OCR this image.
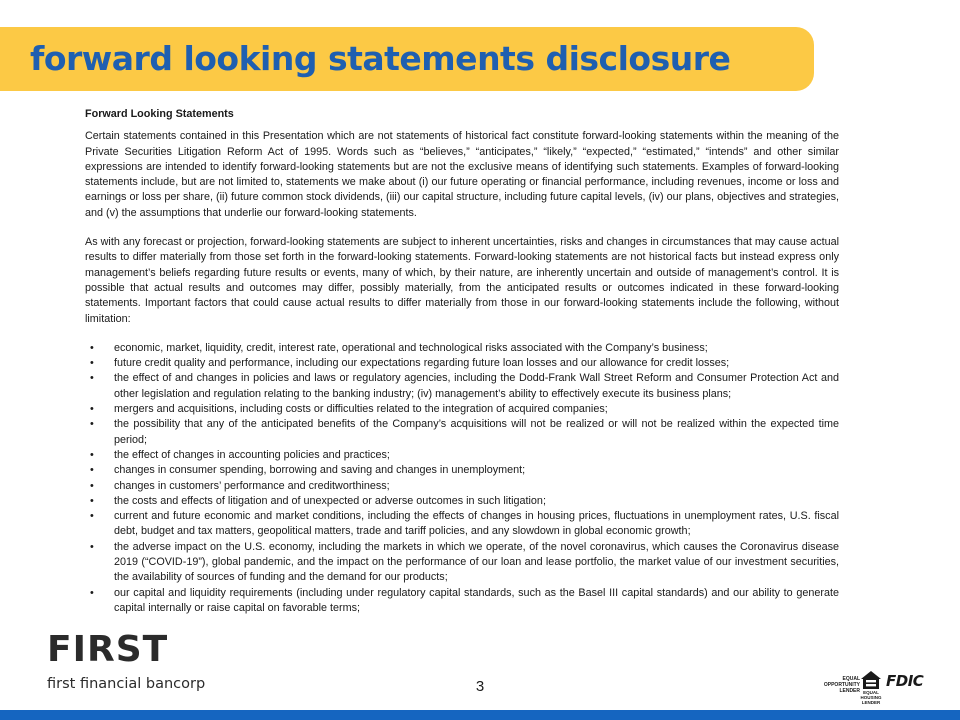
forward looking statements disclosure
Forward Looking Statements

Certain statements contained in this Presentation which are not statements of historical fact constitute forward-looking statements within the meaning of the Private Securities Litigation Reform Act of 1995. Words such as “believes,” “anticipates,” “likely,” “expected,” “estimated,” “intends” and other similar expressions are intended to identify forward-looking statements but are not the exclusive means of identifying such statements. Examples of forward-looking statements include, but are not limited to, statements we make about (i) our future operating or financial performance, including revenues, income or loss and earnings or loss per share, (ii) future common stock dividends, (iii) our capital structure, including future capital levels, (iv) our plans, objectives and strategies, and (v) the assumptions that underlie our forward-looking statements.

As with any forecast or projection, forward-looking statements are subject to inherent uncertainties, risks and changes in circumstances that may cause actual results to differ materially from those set forth in the forward-looking statements. Forward-looking statements are not historical facts but instead express only management’s beliefs regarding future results or events, many of which, by their nature, are inherently uncertain and outside of management’s control. It is possible that actual results and outcomes may differ, possibly materially, from the anticipated results or outcomes indicated in these forward-looking statements. Important factors that could cause actual results to differ materially from those in our forward-looking statements include the following, without limitation:

• economic, market, liquidity, credit, interest rate, operational and technological risks associated with the Company’s business;
• future credit quality and performance, including our expectations regarding future loan losses and our allowance for credit losses;
• the effect of and changes in policies and laws or regulatory agencies, including the Dodd-Frank Wall Street Reform and Consumer Protection Act and other legislation and regulation relating to the banking industry; (iv) management’s ability to effectively execute its business plans;
• mergers and acquisitions, including costs or difficulties related to the integration of acquired companies;
• the possibility that any of the anticipated benefits of the Company’s acquisitions will not be realized or will not be realized within the expected time period;
• the effect of changes in accounting policies and practices;
• changes in consumer spending, borrowing and saving and changes in unemployment;
• changes in customers’ performance and creditworthiness;
• the costs and effects of litigation and of unexpected or adverse outcomes in such litigation;
• current and future economic and market conditions, including the effects of changes in housing prices, fluctuations in unemployment rates, U.S. fiscal debt, budget and tax matters, geopolitical matters, trade and tariff policies, and any slowdown in global economic growth;
• the adverse impact on the U.S. economy, including the markets in which we operate, of the novel coronavirus, which causes the Coronavirus disease 2019 (“COVID-19”), global pandemic, and the impact on the performance of our loan and lease portfolio, the market value of our investment securities, the availability of sources of funding and the demand for our products;
• our capital and liquidity requirements (including under regulatory capital standards, such as the Basel III capital standards) and our ability to generate capital internally or raise capital on favorable terms;
FIRST
first financial bancorp	3	EQUAL
OPPORTUNITY
LENDER EQUAL HOUSING
LENDER
FDIC
